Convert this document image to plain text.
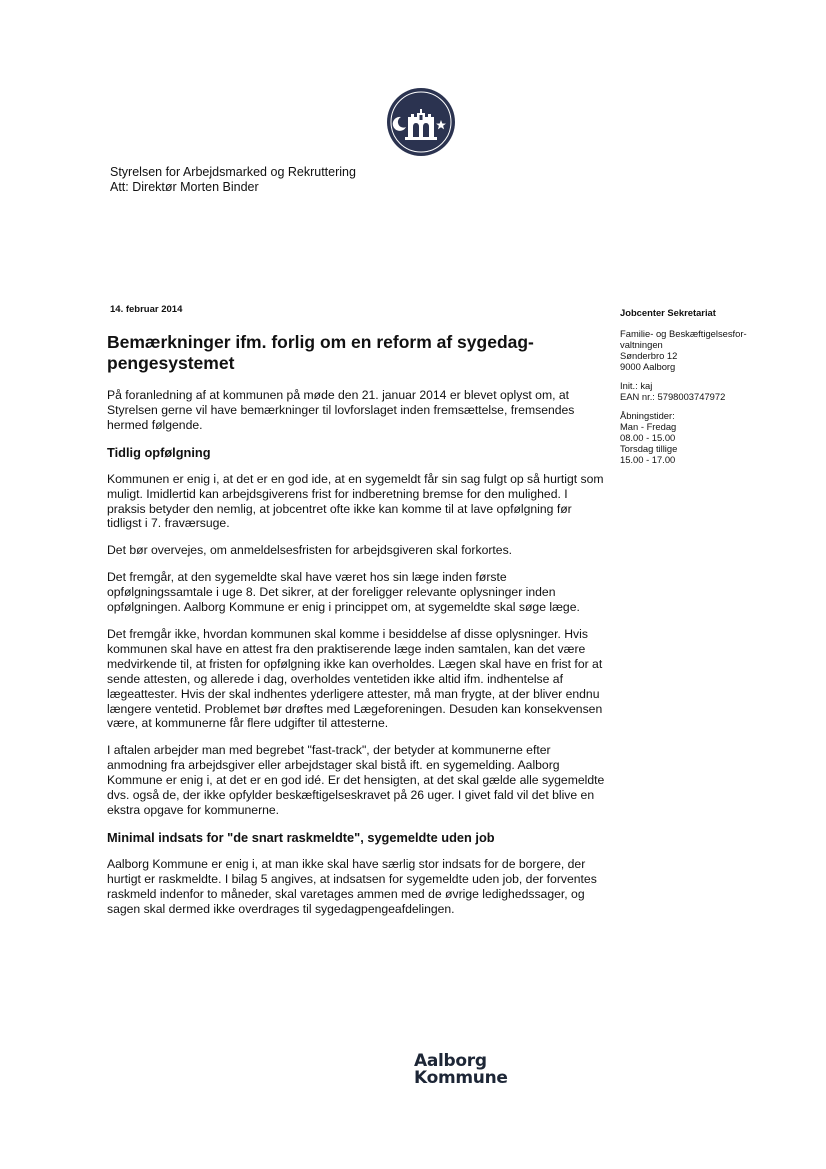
Styrelsen for Arbejdsmarked og Rekruttering
Att: Direktør Morten Binder
14. februar 2014
Bemærkninger ifm. forlig om en reform af sygedag-pengesystemet

På foranledning af at kommunen på møde den 21. januar 2014 er blevet oplyst om, at Styrelsen gerne vil have bemærkninger til lovforslaget inden fremsættelse, fremsendes hermed følgende.

Tidlig opfølgning

Kommunen er enig i, at det er en god ide, at en sygemeldt får sin sag fulgt op så hurtigt som muligt. Imidlertid kan arbejdsgiverens frist for indberetning bremse for den mulighed. I praksis betyder den nemlig, at jobcentret ofte ikke kan komme til at lave opfølgning før tidligst i 7. fraværsuge.

Det bør overvejes, om anmeldelsesfristen for arbejdsgiveren skal forkortes.

Det fremgår, at den sygemeldte skal have været hos sin læge inden første opfølgningssamtale i uge 8. Det sikrer, at der foreligger relevante oplysninger inden opfølgningen. Aalborg Kommune er enig i princippet om, at sygemeldte skal søge læge.

Det fremgår ikke, hvordan kommunen skal komme i besiddelse af disse oplysninger. Hvis kommunen skal have en attest fra den praktiserende læge inden samtalen, kan det være medvirkende til, at fristen for opfølgning ikke kan overholdes. Lægen skal have en frist for at sende attesten, og allerede i dag, overholdes ventetiden ikke altid ifm. indhentelse af lægeattester. Hvis der skal indhentes yderligere attester, må man frygte, at der bliver endnu længere ventetid. Problemet bør drøftes med Lægeforeningen. Desuden kan konsekvensen være, at kommunerne får flere udgifter til attesterne.

I aftalen arbejder man med begrebet "fast-track", der betyder at kommunerne efter anmodning fra arbejdsgiver eller arbejdstager skal bistå ift. en sygemelding. Aalborg Kommune er enig i, at det er en god idé. Er det hensigten, at det skal gælde alle sygemeldte dvs. også de, der ikke opfylder beskæftigelseskravet på 26 uger. I givet fald vil det blive en ekstra opgave for kommunerne.

Minimal indsats for "de snart raskmeldte", sygemeldte uden job

Aalborg Kommune er enig i, at man ikke skal have særlig stor indsats for de borgere, der hurtigt er raskmeldte. I bilag 5 angives, at indsatsen for sygemeldte uden job, der forventes raskmeld indenfor to måneder, skal varetages ammen med de øvrige ledighedssager, og sagen skal dermed ikke overdrages til sygedagpengeafdelingen.

Jobcenter Sekretariat
Familie- og Beskæftigelsesfor-
valtningen
Sønderbro 12
9000 Aalborg
Init.: kaj
EAN nr.: 5798003747972
Åbningstider:
Man - Fredag
08.00 - 15.00
Torsdag tillige
15.00 - 17.00
Aalborg
Kommune
